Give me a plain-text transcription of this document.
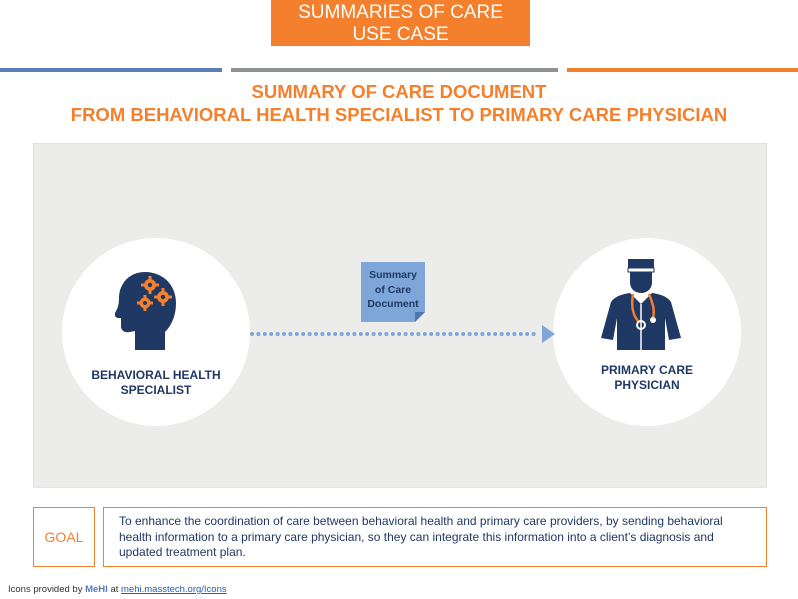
SUMMARIES OF CARE
USE CASE
SUMMARY OF CARE DOCUMENT
FROM BEHAVIORAL HEALTH SPECIALIST TO PRIMARY CARE PHYSICIAN
BEHAVIORAL HEALTH
SPECIALIST
PRIMARY CARE
PHYSICIAN
Summary
of Care
Document
GOAL
To enhance the coordination of care between behavioral health and primary care providers, by sending behavioral health information to a primary care physician, so they can integrate this information into a client’s diagnosis and updated treatment plan.
Icons provided by MeHI at mehi.masstech.org/Icons
